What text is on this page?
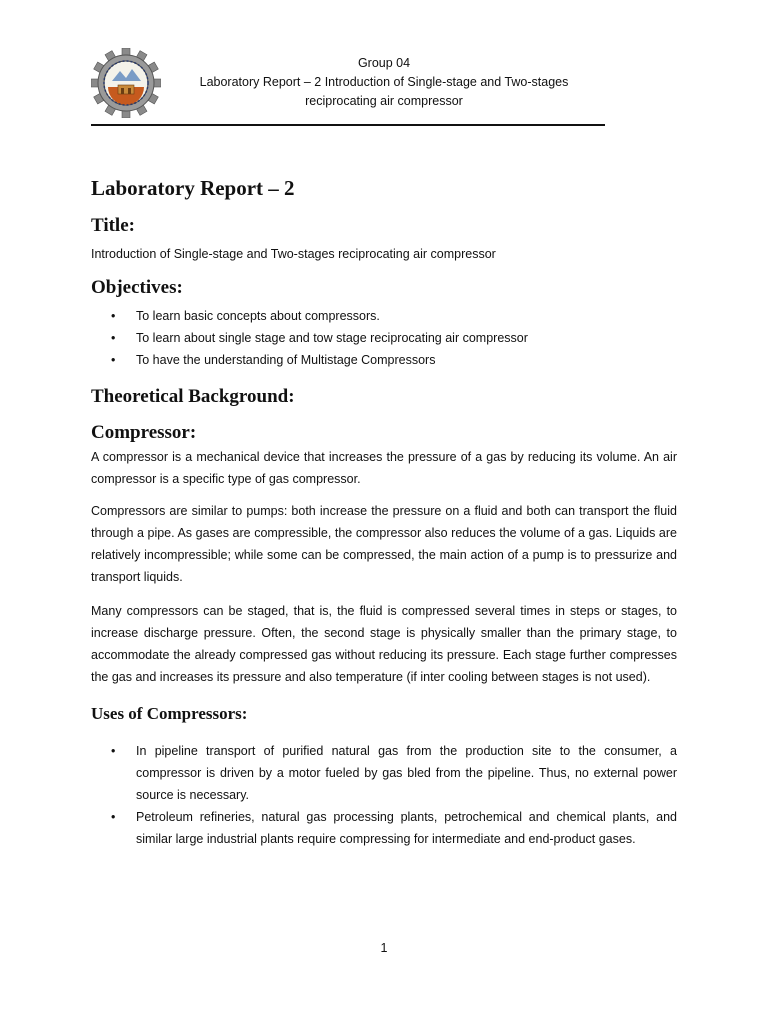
Group 04
Laboratory Report – 2 Introduction of Single-stage and Two-stages
reciprocating air compressor
Laboratory Report – 2
Title:

Introduction of Single-stage and Two-stages reciprocating air compressor

Objectives:
• To learn basic concepts about compressors.
• To learn about single stage and tow stage reciprocating air compressor
• To have the understanding of Multistage Compressors
Theoretical Background:
Compressor:

A compressor is a mechanical device that increases the pressure of a gas by reducing its volume. An air compressor is a specific type of gas compressor.

Compressors are similar to pumps: both increase the pressure on a fluid and both can transport the fluid through a pipe. As gases are compressible, the compressor also reduces the volume of a gas. Liquids are relatively incompressible; while some can be compressed, the main action of a pump is to pressurize and transport liquids.

Many compressors can be staged, that is, the fluid is compressed several times in steps or stages, to increase discharge pressure. Often, the second stage is physically smaller than the primary stage, to accommodate the already compressed gas without reducing its pressure. Each stage further compresses the gas and increases its pressure and also temperature (if inter cooling between stages is not used).

Uses of Compressors:
• In pipeline transport of purified natural gas from the production site to the consumer, a compressor is driven by a motor fueled by gas bled from the pipeline. Thus, no external power source is necessary.
• Petroleum refineries, natural gas processing plants, petrochemical and chemical plants, and similar large industrial plants require compressing for intermediate and end-product gases.
1
